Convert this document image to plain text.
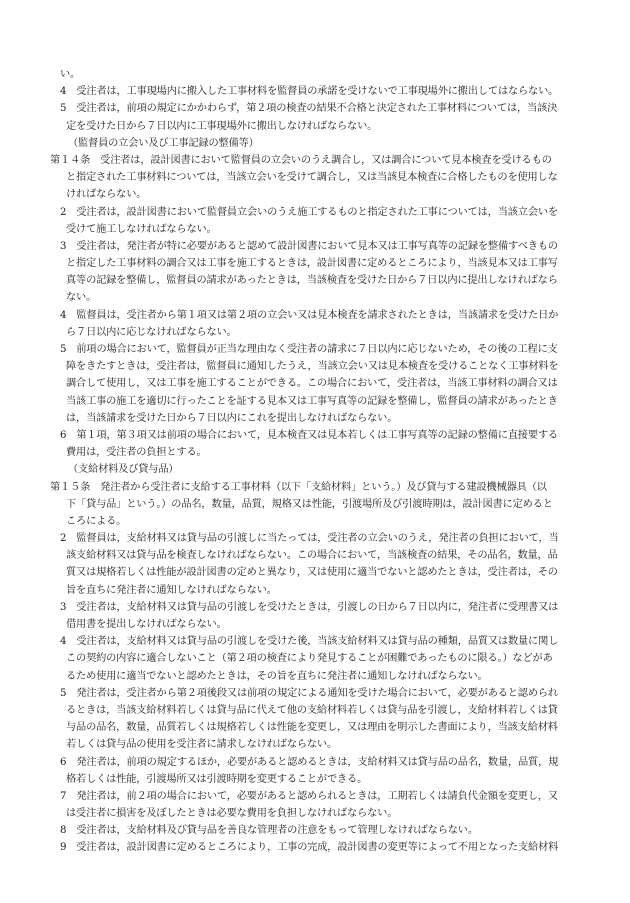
い。
4　受注者は，工事現場内に搬入した工事材料を監督員の承諾を受けないで工事現場外に搬出してはならない。
5　受注者は，前項の規定にかかわらず，第２項の検査の結果不合格と決定された工事材料については，当該決
定を受けた日から７日以内に工事現場外に搬出しなければならない。
（監督員の立会い及び工事記録の整備等）
第１４条　受注者は，設計図書において監督員の立会いのうえ調合し，又は調合について見本検査を受けるもの
と指定された工事材料については，当該立会いを受けて調合し，又は当該見本検査に合格したものを使用しな
ければならない。
2　受注者は，設計図書において監督員立会いのうえ施工するものと指定された工事については，当該立会いを
受けて施工しなければならない。
3　受注者は，発注者が特に必要があると認めて設計図書において見本又は工事写真等の記録を整備すべきもの
と指定した工事材料の調合又は工事を施工するときは，設計図書に定めるところにより，当該見本又は工事写
真等の記録を整備し，監督員の請求があったときは，当該検査を受けた日から７日以内に提出しなければなら
ない。
4　監督員は，受注者から第１項又は第２項の立会い又は見本検査を請求されたときは，当該請求を受けた日か
ら７日以内に応じなければならない。
5　前項の場合において，監督員が正当な理由なく受注者の請求に７日以内に応じないため，その後の工程に支
障をきたすときは，受注者は，監督員に通知したうえ，当該立会い又は見本検査を受けることなく工事材料を
調合して使用し，又は工事を施工することができる。この場合において，受注者は，当該工事材料の調合又は
当該工事の施工を適切に行ったことを証する見本又は工事写真等の記録を整備し，監督員の請求があったとき
は，当該請求を受けた日から７日以内にこれを提出しなければならない。
6　第１項，第３項又は前項の場合において，見本検査又は見本若しくは工事写真等の記録の整備に直接要する
費用は，受注者の負担とする。
（支給材料及び貸与品）
第１５条　発注者から受注者に支給する工事材料（以下「支給材料」という。）及び貸与する建設機械器具（以
下「貸与品」という。）の品名，数量，品質，規格又は性能，引渡場所及び引渡時期は，設計図書に定めると
ころによる。
2　監督員は，支給材料又は貸与品の引渡しに当たっては，受注者の立会いのうえ，発注者の負担において，当
該支給材料又は貸与品を検査しなければならない。この場合において，当該検査の結果，その品名，数量，品
質又は規格若しくは性能が設計図書の定めと異なり，又は使用に適当でないと認めたときは，受注者は，その
旨を直ちに発注者に通知しなければならない。
3　受注者は，支給材料又は貸与品の引渡しを受けたときは，引渡しの日から７日以内に，発注者に受理書又は
借用書を提出しなければならない。
4　受注者は，支給材料又は貸与品の引渡しを受けた後，当該支給材料又は貸与品の種類，品質又は数量に関し
この契約の内容に適合しないこと（第２項の検査により発見することが困難であったものに限る。）などがあ
るため使用に適当でないと認めたときは，その旨を直ちに発注者に通知しなければならない。
5　発注者は，受注者から第２項後段又は前項の規定による通知を受けた場合において，必要があると認められ
るときは，当該支給材料若しくは貸与品に代えて他の支給材料若しくは貸与品を引渡し，支給材料若しくは貸
与品の品名，数量，品質若しくは規格若しくは性能を変更し，又は理由を明示した書面により，当該支給材料
若しくは貸与品の使用を受注者に請求しなければならない。
6　発注者は，前項の規定するほか，必要があると認めるときは，支給材料又は貸与品の品名，数量，品質，規
格若しくは性能，引渡場所又は引渡時期を変更することができる。
7　発注者は，前２項の場合において，必要があると認められるときは，工期若しくは請負代金額を変更し，又
は受注者に損害を及ぼしたときは必要な費用を負担しなければならない。
8　受注者は，支給材料及び貸与品を善良な管理者の注意をもって管理しなければならない。
9　受注者は，設計図書に定めるところにより，工事の完成，設計図書の変更等によって不用となった支給材料
